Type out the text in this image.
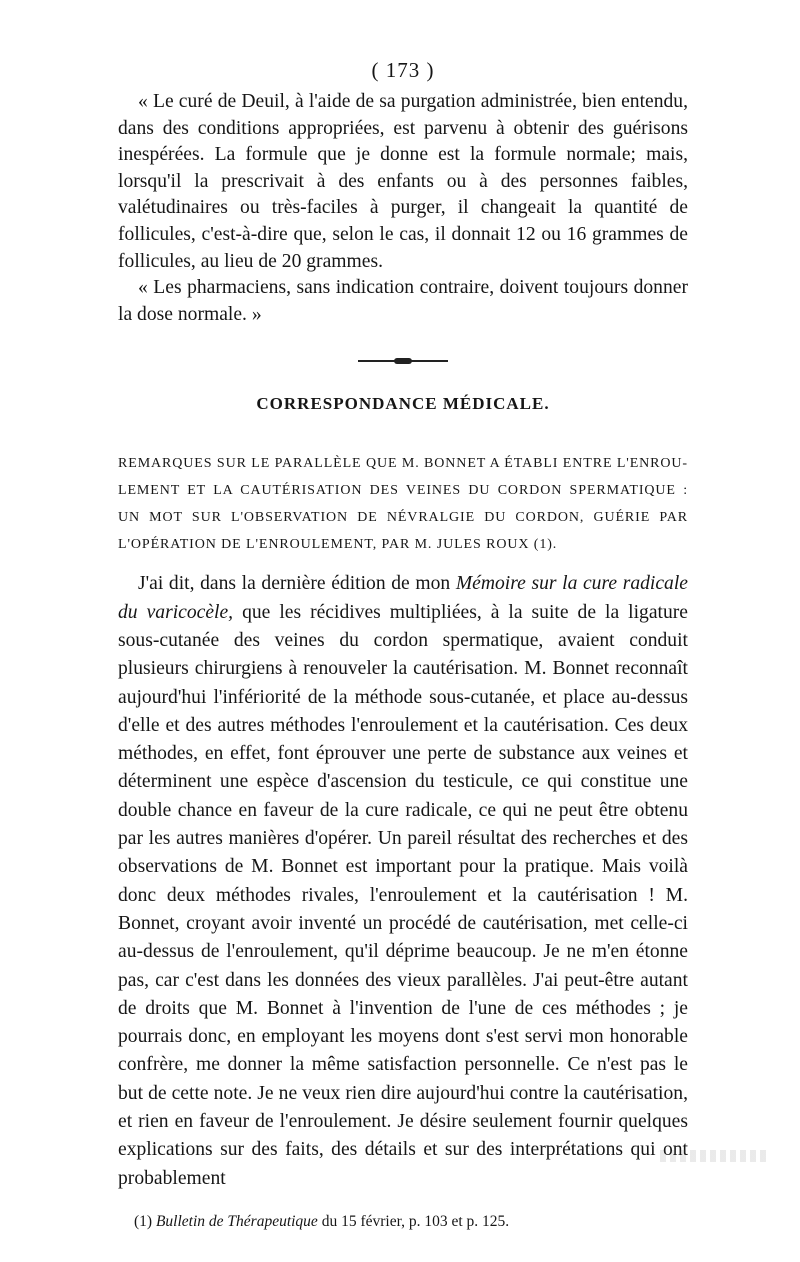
( 173 )

« Le curé de Deuil, à l'aide de sa purgation administrée, bien entendu, dans des conditions appropriées, est parvenu à obtenir des guérisons inespérées. La formule que je donne est la formule normale; mais, lorsqu'il la prescrivait à des enfants ou à des personnes faibles, valétudinaires ou très-faciles à purger, il changeait la quantité de follicules, c'est-à-dire que, selon le cas, il donnait 12 ou 16 grammes de follicules, au lieu de 20 grammes.

« Les pharmaciens, sans indication contraire, doivent toujours donner la dose normale. »

CORRESPONDANCE MÉDICALE.
REMARQUES SUR LE PARALLÈLE QUE M. BONNET A ÉTABLI ENTRE L'ENROU-
LEMENT ET LA CAUTÉRISATION DES VEINES DU CORDON SPERMATIQUE :
UN MOT SUR L'OBSERVATION DE NÉVRALGIE DU CORDON, GUÉRIE PAR
L'OPÉRATION DE L'ENROULEMENT, PAR M. JULES ROUX (1).

J'ai dit, dans la dernière édition de mon Mémoire sur la cure radicale du varicocèle, que les récidives multipliées, à la suite de la ligature sous-cutanée des veines du cordon spermatique, avaient conduit plusieurs chirurgiens à renouveler la cautérisation. M. Bonnet reconnaît aujourd'hui l'infériorité de la méthode sous-cutanée, et place au-dessus d'elle et des autres méthodes l'enroulement et la cautérisation. Ces deux méthodes, en effet, font éprouver une perte de substance aux veines et déterminent une espèce d'ascension du testicule, ce qui constitue une double chance en faveur de la cure radicale, ce qui ne peut être obtenu par les autres manières d'opérer. Un pareil résultat des recherches et des observations de M. Bonnet est important pour la pratique. Mais voilà donc deux méthodes rivales, l'enroulement et la cautérisation ! M. Bonnet, croyant avoir inventé un procédé de cautérisation, met celle-ci au-dessus de l'enroulement, qu'il déprime beaucoup. Je ne m'en étonne pas, car c'est dans les données des vieux parallèles. J'ai peut-être autant de droits que M. Bonnet à l'invention de l'une de ces méthodes ; je pourrais donc, en employant les moyens dont s'est servi mon honorable confrère, me donner la même satisfaction personnelle. Ce n'est pas le but de cette note. Je ne veux rien dire aujourd'hui contre la cautérisation, et rien en faveur de l'enroulement. Je désire seulement fournir quelques explications sur des faits, des détails et sur des interprétations qui ont probablement

(1) Bulletin de Thérapeutique du 15 février, p. 103 et p. 125.
